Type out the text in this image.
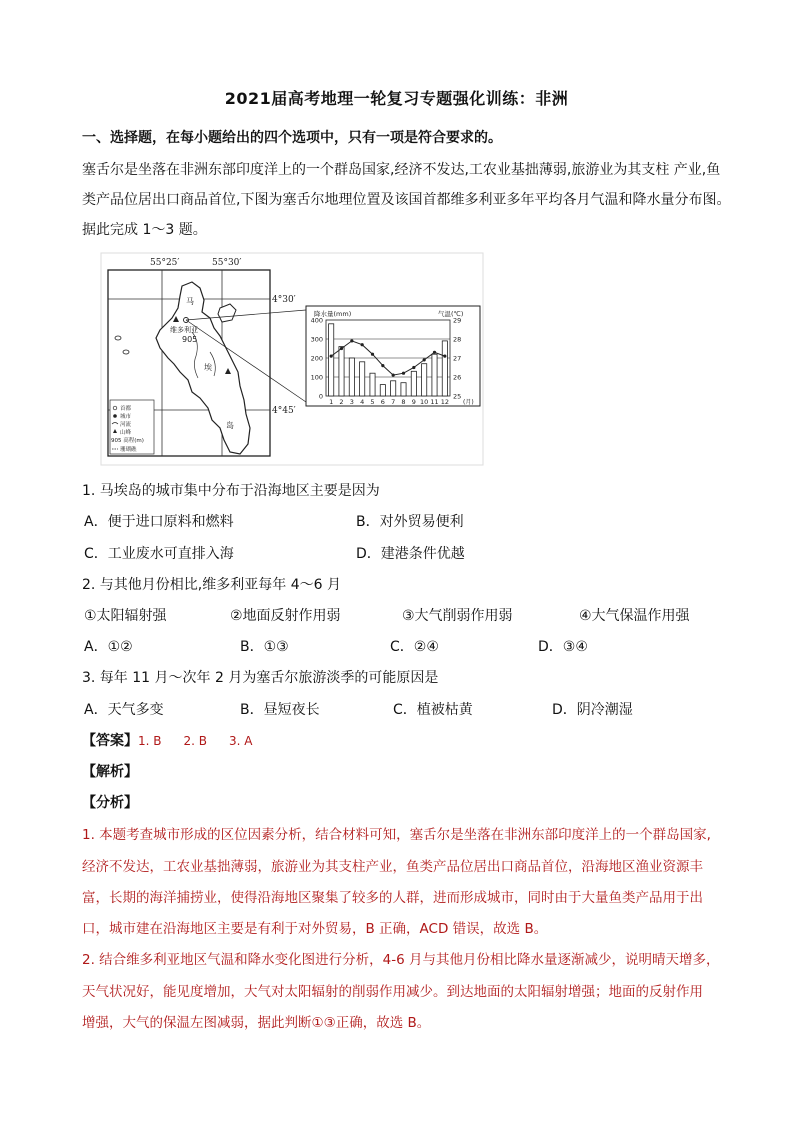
2021届高考地理一轮复习专题强化训练：非洲
一、选择题，在每小题给出的四个选项中，只有一项是符合要求的。
塞舌尔是坐落在非洲东部印度洋上的一个群岛国家,经济不发达,工农业基拙薄弱,旅游业为其支柱 产业,鱼
类产品位居出口商品首位,下图为塞舌尔地理位置及该国首都维多利亚多年平均各月气温和降水量分布图。
据此完成 1～3 题。
55°25′	55°30′
4°30′
4°45′
马
维多利亚
905
埃
岛
首都
城市
河流
山峰
905 高程(m)
珊瑚礁
降水量(mm)	气温(℃)
(月)
400
300
200
100
0
29
28
27
26
25
1 2 3 4 5 6 7 8 9 10 11 12
1. 马埃岛的城市集中分布于沿海地区主要是因为
A．便于进口原料和燃料	B．对外贸易便利
C．工业废水可直排入海	D．建港条件优越
2. 与其他月份相比,维多利亚每年 4～6 月
①太阳辐射强	②地面反射作用弱	③大气削弱作用弱	④大气保温作用强
A．①②	B．①③	C．②④	D．③④
3. 每年 11 月～次年 2 月为塞舌尔旅游淡季的可能原因是
A．天气多变	B．昼短夜长	C．植被枯黄	D．阴冷潮湿
【答案】1. B 2. B 3. A
【解析】
【分析】
1. 本题考查城市形成的区位因素分析，结合材料可知，塞舌尔是坐落在非洲东部印度洋上的一个群岛国家,
经济不发达，工农业基拙薄弱，旅游业为其支柱产业，鱼类产品位居出口商品首位，沿海地区渔业资源丰
富，长期的海洋捕捞业，使得沿海地区聚集了较多的人群，进而形成城市，同时由于大量鱼类产品用于出
口，城市建在沿海地区主要是有利于对外贸易，B 正确，ACD 错误，故选 B。
2. 结合维多利亚地区气温和降水变化图进行分析，4-6 月与其他月份相比降水量逐渐减少，说明晴天增多，
天气状况好，能见度增加，大气对太阳辐射的削弱作用减少。到达地面的太阳辐射增强；地面的反射作用
增强，大气的保温左图减弱，据此判断①③正确，故选 B。
